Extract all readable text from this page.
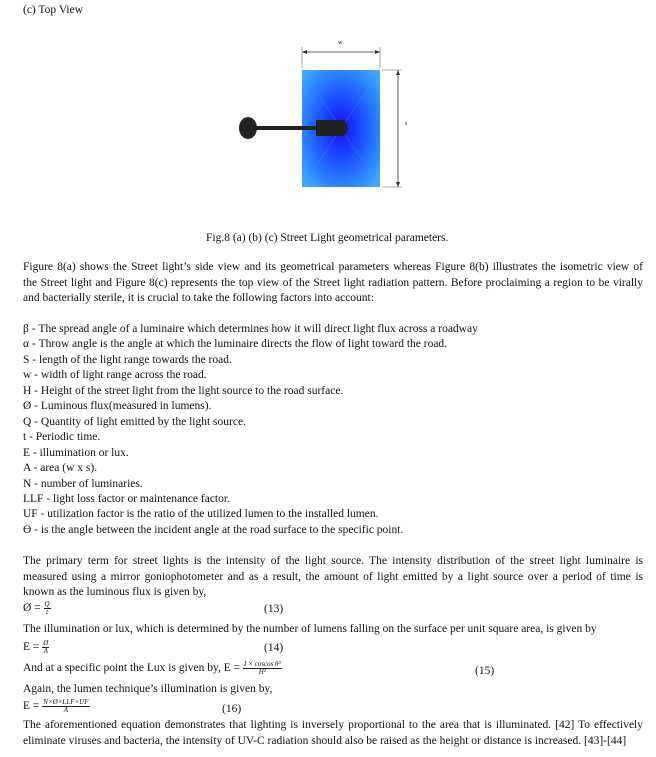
(c) Top View
w
s
Fig.8 (a) (b) (c) Street Light geometrical parameters.
Figure 8(a) shows the Street light’s side view and its geometrical parameters whereas Figure 8(b) illustrates the isometric view of
the Street light and Figure 8(c) represents the top view of the Street light radiation pattern. Before proclaiming a region to be virally
and bacterially sterile, it is crucial to take the following factors into account:
β - The spread angle of a luminaire which determines how it will direct light flux across a roadway
α - Throw angle is the angle at which the luminaire directs the flow of light toward the road.
S - length of the light range towards the road.
w - width of light range across the road.
H - Height of the street light from the light source to the road surface.
Ø - Luminous flux(measured in lumens).
Q - Quantity of light emitted by the light source.
t - Periodic time.
E - illumination or lux.
A - area (w x s).
N - number of luminaries.
LLF - light loss factor or maintenance factor.
UF - utilization factor is the ratio of the utilized lumen to the installed lumen.
ϴ - is the angle between the incident angle at the road surface to the specific point.
The primary term for street lights is the intensity of the light source. The intensity distribution of the street light luminaire is
measured using a mirror goniophotometer and as a result, the amount of light emitted by a light source over a period of time is
known as the luminous flux is given by,
Ø = $\frac{Q}{t}$	(13)
The illumination or lux, which is determined by the number of lumens falling on the surface per unit square area, is given by
$E = \frac{Ø}{A}$	(14)
And at a specific point the Lux is given by, $E = \frac{\text{I × coscos θ³}}{\text{H²}}$	(15)
Again, the lumen technique’s illumination is given by,
$E = \frac{\text{N×Ø×LLF×UF}}{A}$	(16)
The aforementioned equation demonstrates that lighting is inversely proportional to the area that is illuminated. [42] To effectively
eliminate viruses and bacteria, the intensity of UV-C radiation should also be raised as the height or distance is increased. [43]-[44]
